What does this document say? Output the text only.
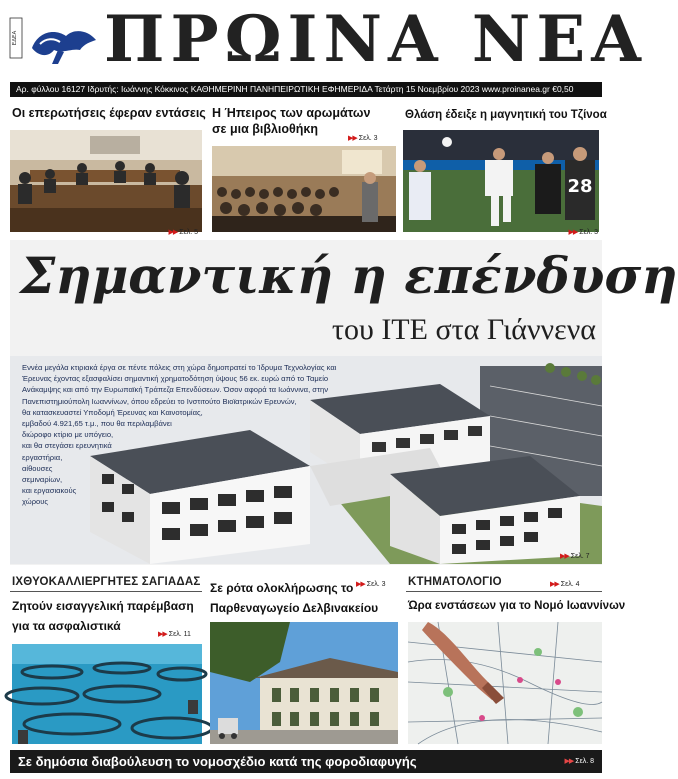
ΕΔΕΑ ΠΡΩΙΝΑ ΝΕΑ
Αρ. φύλλου 16127 Ιδρυτής: Ιωάννης Κόκκινος ΚΑΘΗΜΕΡΙΝΗ ΠΑΝΗΠΕΙΡΩΤΙΚΗ ΕΦΗΜΕΡΙΔΑ Τετάρτη 15 Νοεμβρίου 2023 www.proinanea.gr €0,50
Οι επερωτήσεις έφεραν εντάσεις
▶▶ Σελ. 5
Η Ήπειρος των αρωμάτων
σε μια βιβλιοθήκη
▶▶ Σελ. 3
Θλάση έδειξε η μαγνητική του Τζίνοα
28
▶▶ Σελ. 3
Σημαντική η επένδυση
του ΙΤΕ στα Γιάννενα
Εννέα μεγάλα κτιριακά έργα σε πέντε πόλεις στη χώρα δημοπρατεί το Ίδρυμα Τεχνολογίας και
Έρευνας έχοντας εξασφαλίσει σημαντική χρηματοδότηση ύψους 56 εκ. ευρώ από το Ταμείο
Ανάκαμψης και από την Ευρωπαϊκή Τράπεζα Επενδύσεων. Όσον αφορά τα Ιωάννινα, στην
Πανεπιστημιούπολη Ιωαννίνων, όπου εδρεύει το Ινστιτούτο Βιοϊατρικών Ερευνών,
θα κατασκευαστεί Υποδομή Έρευνας και Καινοτομίας,
εμβαδού 4.921,65 τ.μ., που θα περιλαμβάνει
διώροφο κτίριο με υπόγειο,
και θα στεγάσει ερευνητικά
εργαστήρια,
αίθουσες
σεμιναρίων,
και εργασιακούς
χώρους
▶▶ Σελ. 7
ΙΧΘΥΟΚΑΛΛΙΕΡΓΗΤΕΣ ΣΑΓΙΑΔΑΣ
Ζητούν εισαγγελική παρέμβαση
για τα ασφαλιστικά
▶▶ Σελ. 11
Σε ρότα ολοκλήρωσης το
Παρθεναγωγείο Δελβινακείου
▶▶ Σελ. 3 ΚΤΗΜΑΤΟΛΟΓΙΟ	▶▶ Σελ. 4
Ώρα ενστάσεων για το Νομό Ιωαννίνων
Σε δημόσια διαβούλευση το νομοσχέδιο κατά της φοροδιαφυγής	▶▶ Σελ. 8
